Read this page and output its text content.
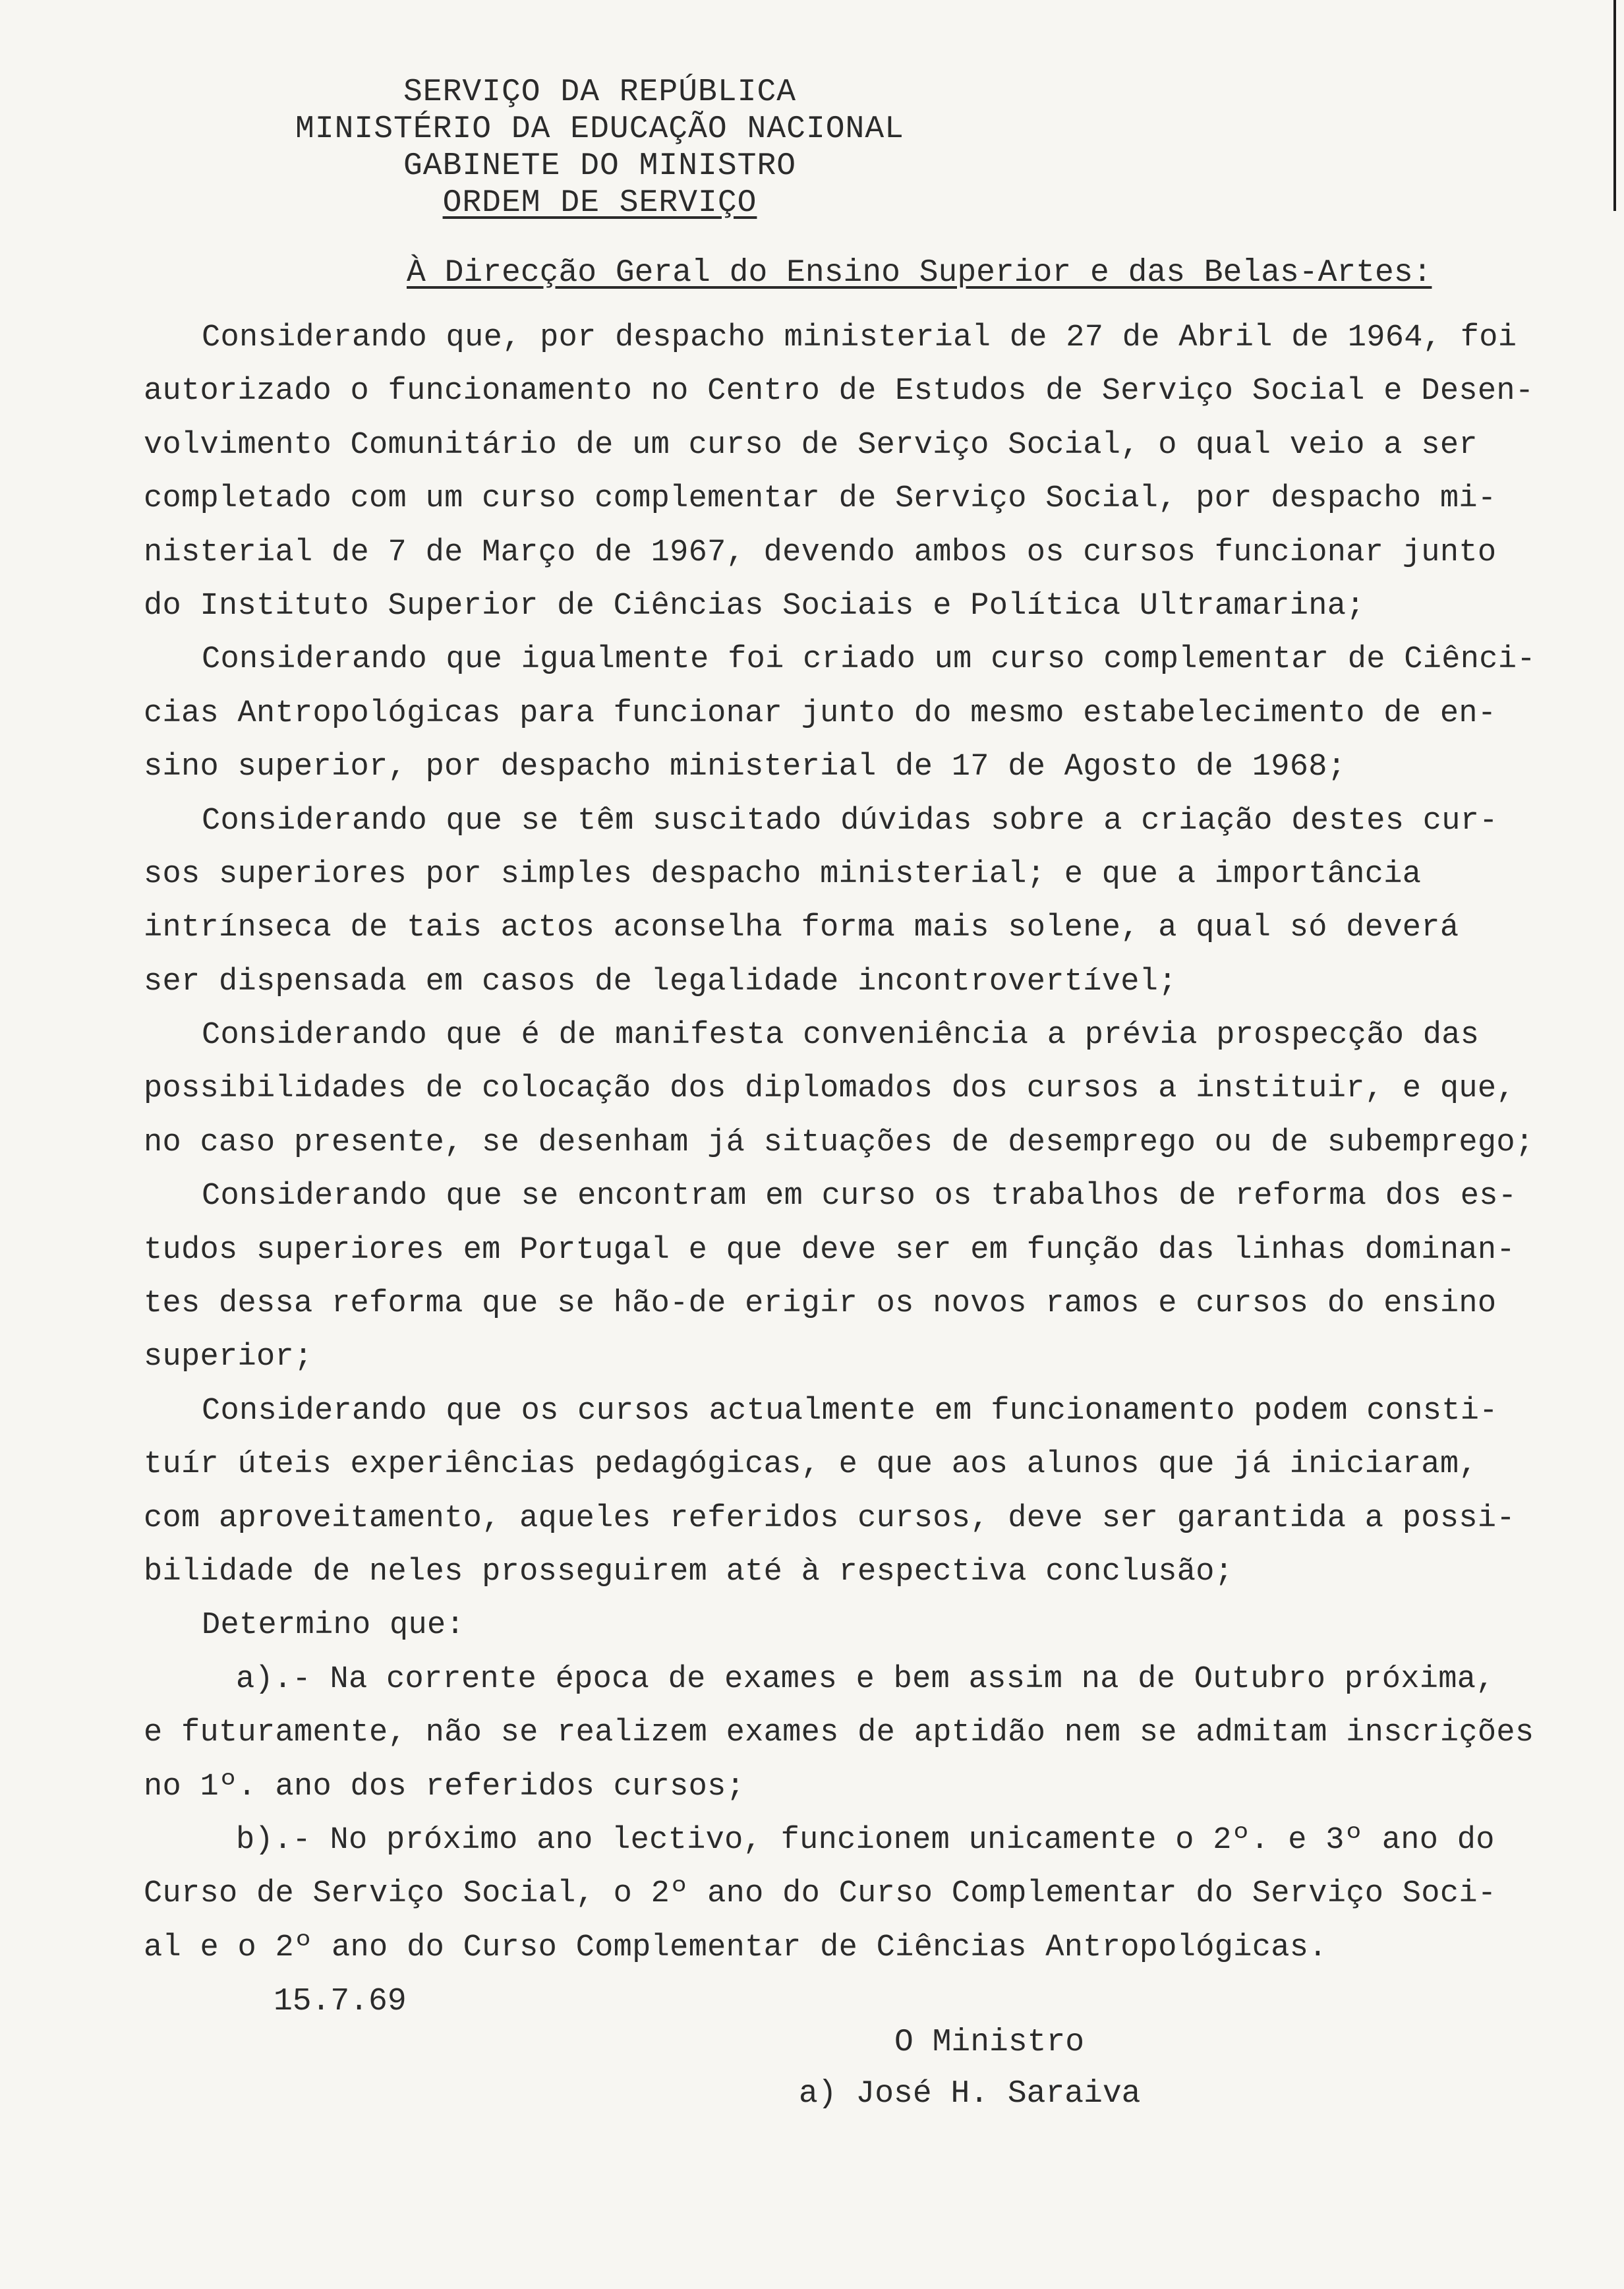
SERVIÇO DA REPÚBLICA
MINISTÉRIO DA EDUCAÇÃO NACIONAL
GABINETE DO MINISTRO
ORDEM DE SERVIÇO
À Direcção Geral do Ensino Superior e das Belas-Artes:
Considerando que, por despacho ministerial de 27 de Abril de 1964, foi
autorizado o funcionamento no Centro de Estudos de Serviço Social e Desen-
volvimento Comunitário de um curso de Serviço Social, o qual veio a ser
completado com um curso complementar de Serviço Social, por despacho mi-
nisterial de 7 de Março de 1967, devendo ambos os cursos funcionar junto
do Instituto Superior de Ciências Sociais e Política Ultramarina;
Considerando que igualmente foi criado um curso complementar de Ciênci-
cias Antropológicas para funcionar junto do mesmo estabelecimento de en-
sino superior, por despacho ministerial de 17 de Agosto de 1968;
Considerando que se têm suscitado dúvidas sobre a criação destes cur-
sos superiores por simples despacho ministerial; e que a importância
intrínseca de tais actos aconselha forma mais solene, a qual só deverá
ser dispensada em casos de legalidade incontrovertível;
Considerando que é de manifesta conveniência a prévia prospecção das
possibilidades de colocação dos diplomados dos cursos a instituir, e que,
no caso presente, se desenham já situações de desemprego ou de subemprego;
Considerando que se encontram em curso os trabalhos de reforma dos es-
tudos superiores em Portugal e que deve ser em função das linhas dominan-
tes dessa reforma que se hão-de erigir os novos ramos e cursos do ensino
superior;
Considerando que os cursos actualmente em funcionamento podem consti-
tuír úteis experiências pedagógicas, e que aos alunos que já iniciaram,
com aproveitamento, aqueles referidos cursos, deve ser garantida a possi-
bilidade de neles prosseguirem até à respectiva conclusão;
Determino que:
a).- Na corrente época de exames e bem assim na de Outubro próxima,
e futuramente, não se realizem exames de aptidão nem se admitam inscrições
no 1º. ano dos referidos cursos;
b).- No próximo ano lectivo, funcionem unicamente o 2º. e 3º ano do
Curso de Serviço Social, o 2º ano do Curso Complementar do Serviço Soci-
al e o 2º ano do Curso Complementar de Ciências Antropológicas.
15.7.69
O Ministro
a) José H. Saraiva
